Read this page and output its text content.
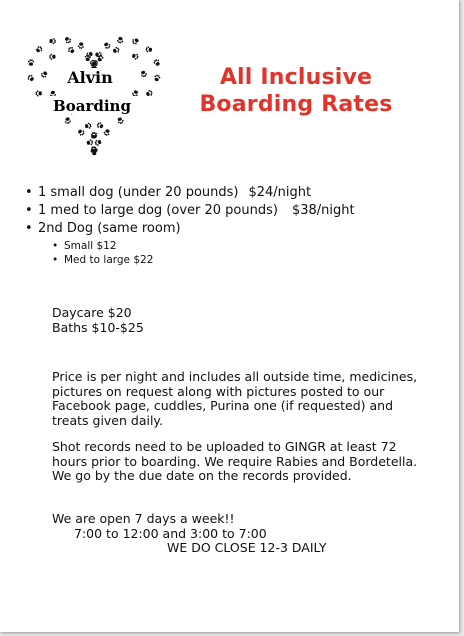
Alvin
Boarding
All Inclusive
Boarding Rates
• 1 small dog (under 20 pounds) $24/night
• 1 med to large dog (over 20 pounds) $38/night
• 2nd Dog (same room)
• Small $12
• Med to large $22

Daycare $20

Baths $10-$25

Price is per night and includes all outside time, medicines, pictures on request along with pictures posted to our Facebook page, cuddles, Purina one (if requested) and treats given daily.

Shot records need to be uploaded to GINGR at least 72 hours prior to boarding. We require Rabies and Bordetella. We go by the due date on the records provided.

We are open 7 days a week!!

7:00 to 12:00 and 3:00 to 7:00

WE DO CLOSE 12-3 DAILY
